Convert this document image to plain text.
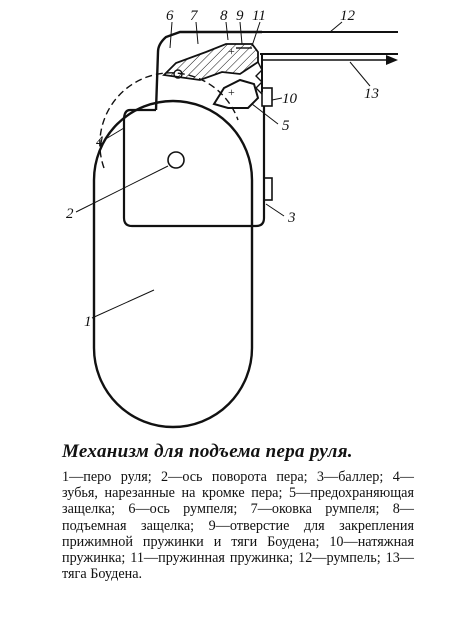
+
+
6 7 8 9 11	12
13
10
5
3
4
2
1
Механизм для подъема пера руля.
1—перо руля; 2—ось поворота пера; 3—баллер; 4—зубья, нарезанные на кромке пера; 5—предохраняющая защелка; 6—ось румпеля; 7—оковка румпеля; 8—подъемная защелка; 9—отверстие для закрепления прижимной пружинки и тяги Боудена; 10—натяжная пружинка; 11—пружинная пружинка; 12—румпель; 13—тяга Боудена.
